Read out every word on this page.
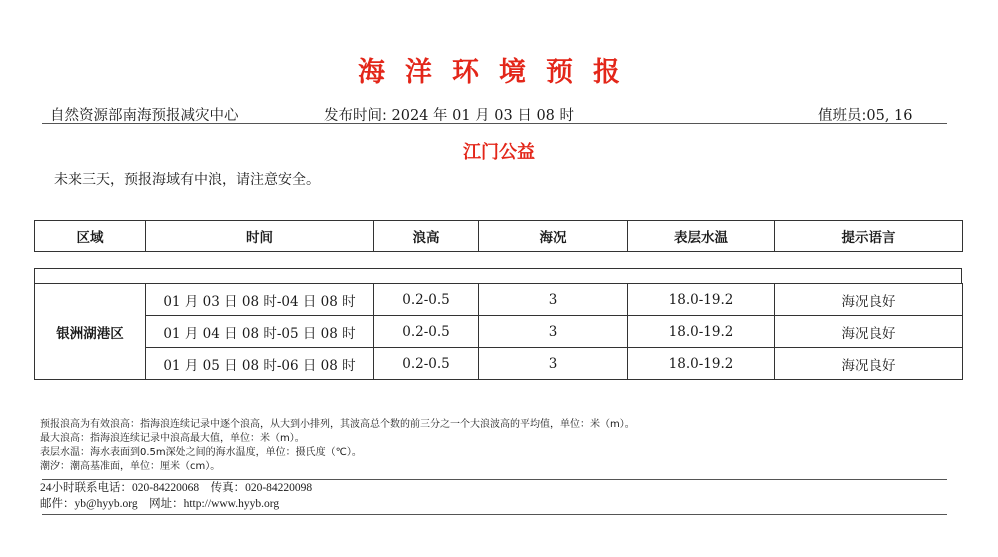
海洋环境预报
自然资源部南海预报减灾中心	发布时间: 2024 年 01 月 03 日 08 时	值班员:05, 16
江门公益
未来三天，预报海域有中浪，请注意安全。
区域	时间	浪高	海况	表层水温	提示语言
银洲湖港区	01 月 03 日 08 时-04 日 08 时	0.2-0.5	3	18.0-19.2	海况良好
	01 月 04 日 08 时-05 日 08 时	0.2-0.5	3	18.0-19.2	海况良好
	01 月 05 日 08 时-06 日 08 时	0.2-0.5	3	18.0-19.2	海况良好
预报浪高为有效浪高：指海浪连续记录中逐个浪高，从大到小排列，其波高总个数的前三分之一个大浪波高的平均值，单位：米（m）。
最大浪高：指海浪连续记录中浪高最大值，单位：米（m）。
表层水温：海水表面到0.5m深处之间的海水温度，单位：摄氏度（℃）。
潮汐：潮高基准面，单位：厘米（cm）。
24小时联系电话：020-84220068 传真：020-84220098
邮件：yb@hyyb.org 网址：http://www.hyyb.org
